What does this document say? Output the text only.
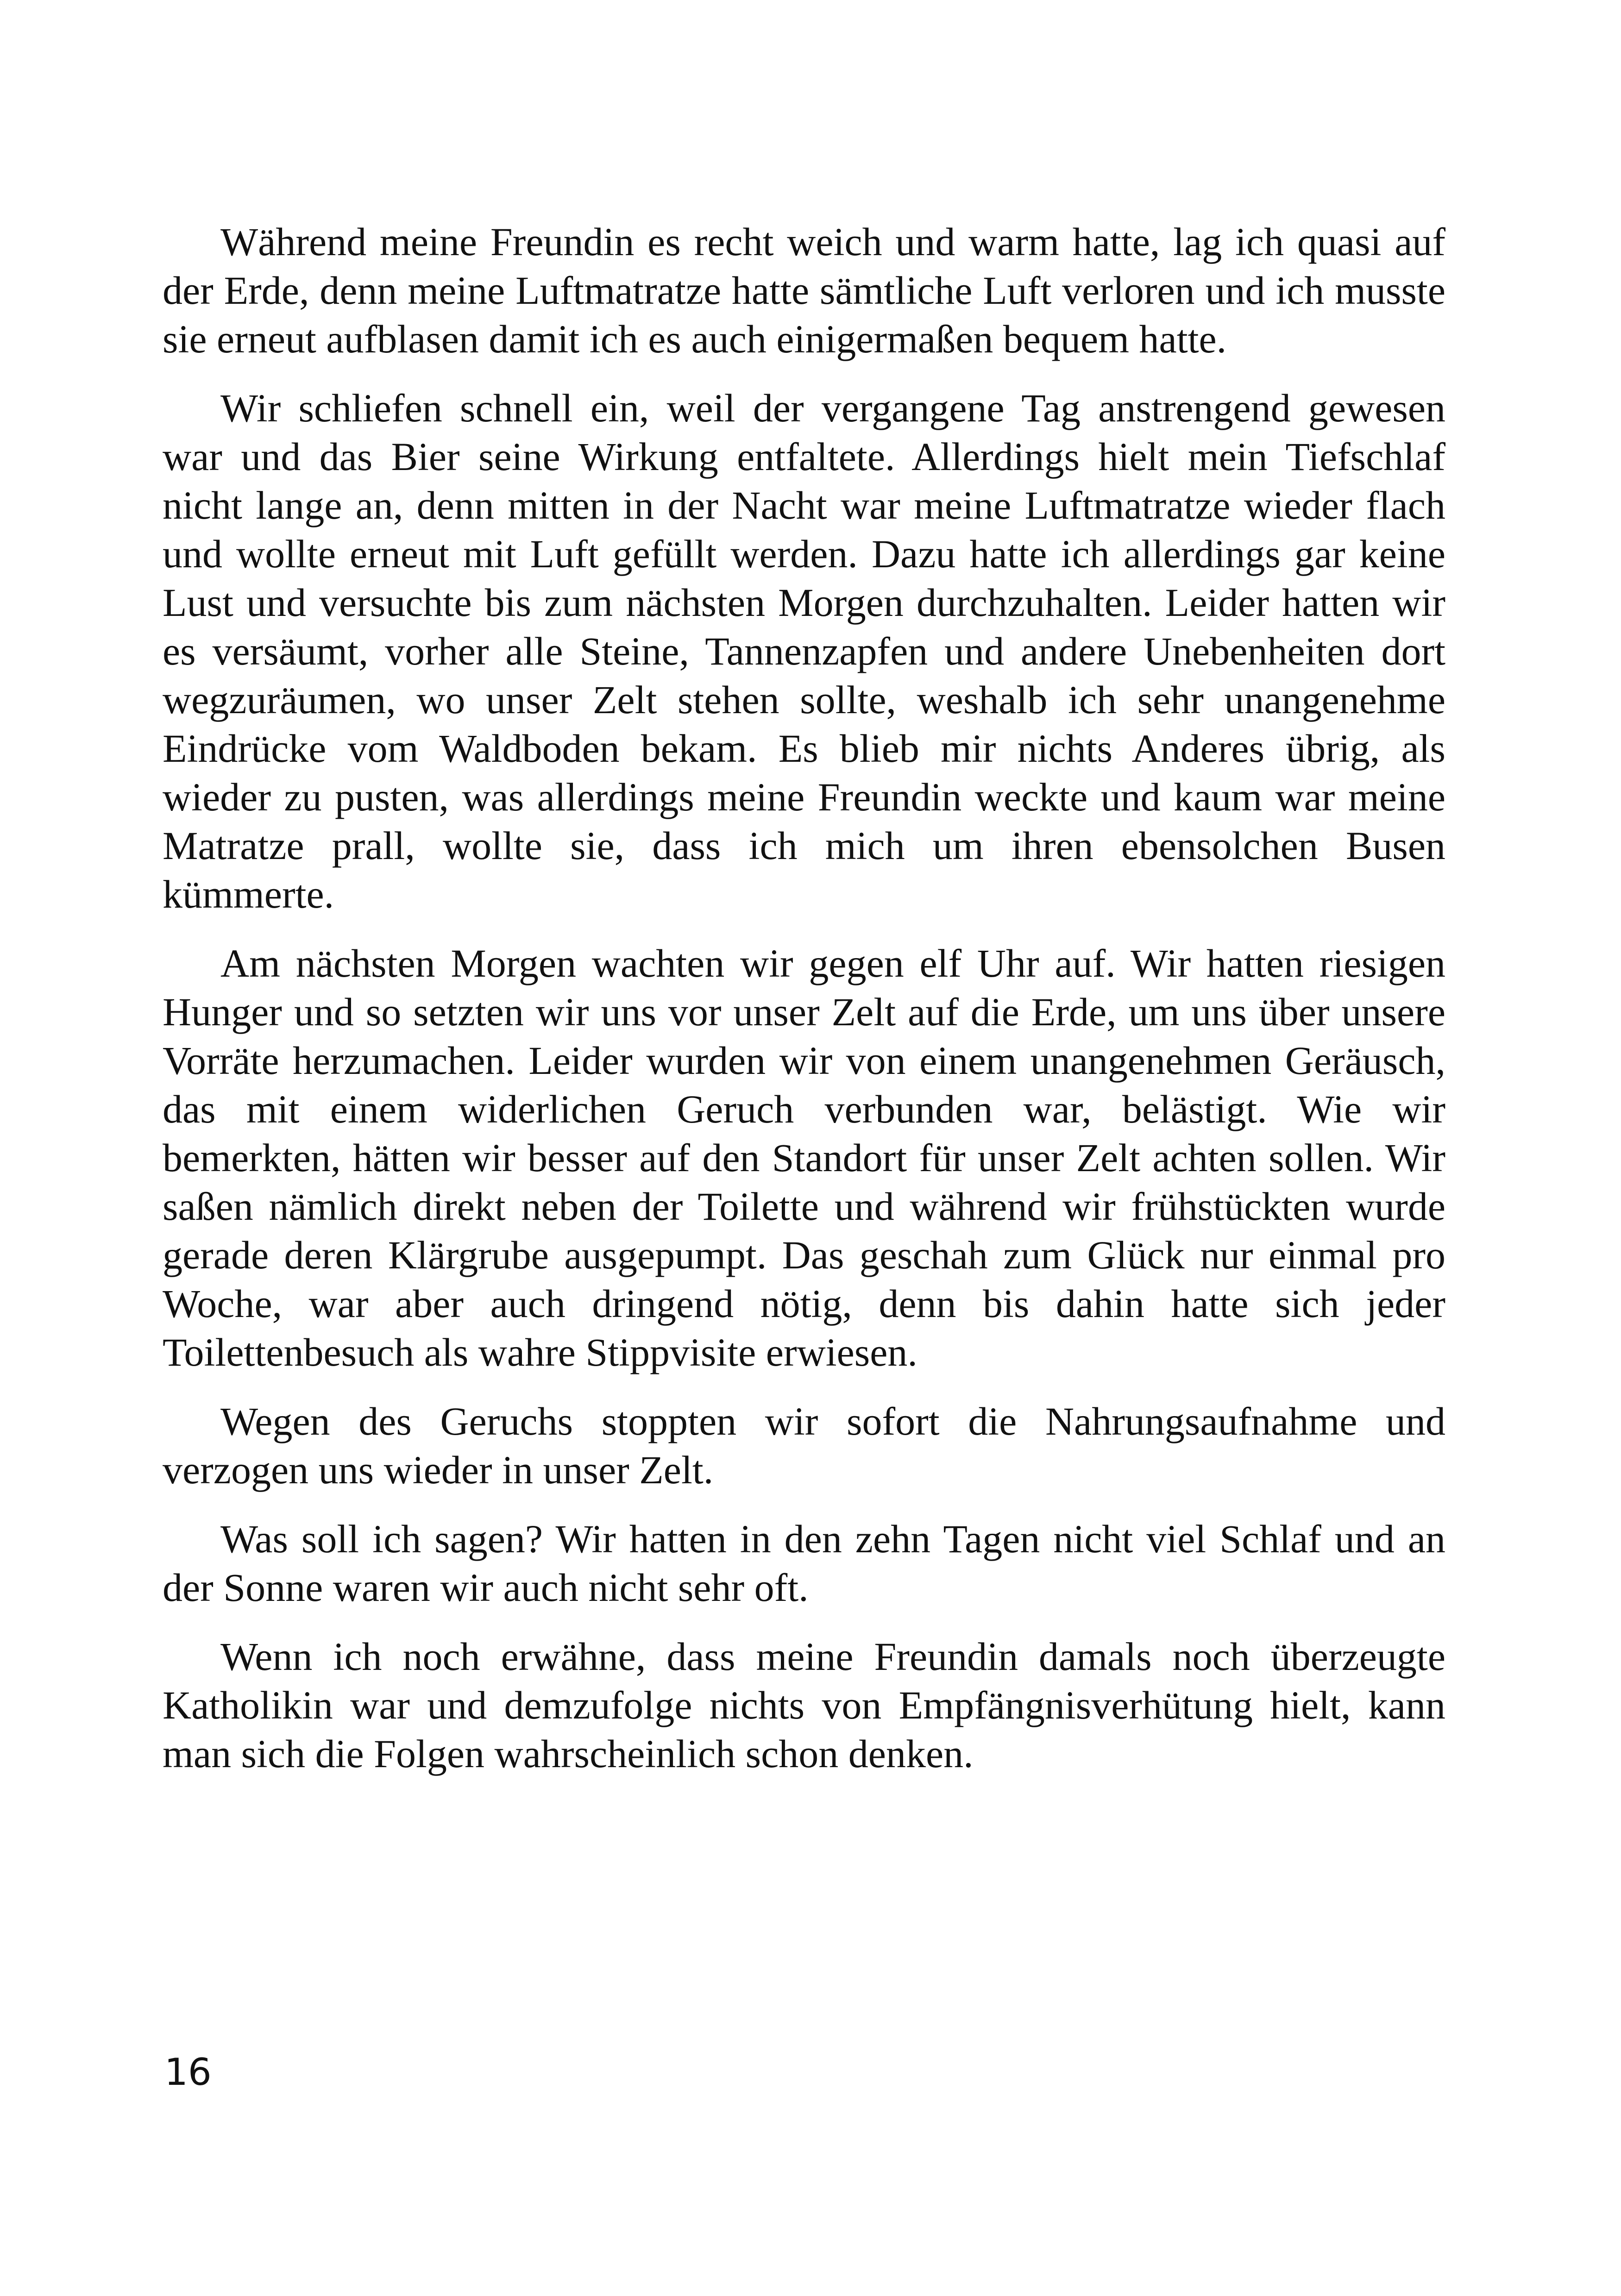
Während meine Freundin es recht weich und warm hatte, lag ich quasi auf der Erde, denn meine Luftmatratze hatte sämtliche Luft verloren und ich musste sie erneut aufblasen damit ich es auch einigermaßen bequem hatte.

Wir schliefen schnell ein, weil der vergangene Tag anstrengend gewesen war und das Bier seine Wirkung entfaltete. Allerdings hielt mein Tiefschlaf nicht lange an, denn mitten in der Nacht war meine Luftmatratze wieder flach und wollte erneut mit Luft gefüllt werden. Dazu hatte ich allerdings gar keine Lust und versuchte bis zum nächsten Morgen durchzuhalten. Leider hatten wir es versäumt, vorher alle Steine, Tannenzapfen und andere Unebenheiten dort wegzuräumen, wo unser Zelt stehen sollte, weshalb ich sehr unangenehme Eindrücke vom Waldboden bekam. Es blieb mir nichts Anderes übrig, als wieder zu pusten, was allerdings meine Freundin weckte und kaum war meine Matratze prall, wollte sie, dass ich mich um ihren ebensolchen Busen kümmerte.

Am nächsten Morgen wachten wir gegen elf Uhr auf. Wir hatten riesigen Hunger und so setzten wir uns vor unser Zelt auf die Erde, um uns über unsere Vorräte herzumachen. Leider wurden wir von einem unangenehmen Geräusch, das mit einem widerlichen Geruch verbunden war, belästigt. Wie wir bemerkten, hätten wir besser auf den Standort für unser Zelt achten sollen. Wir saßen nämlich direkt neben der Toilette und während wir frühstückten wurde gerade deren Klärgrube ausgepumpt. Das geschah zum Glück nur einmal pro Woche, war aber auch dringend nötig, denn bis dahin hatte sich jeder Toilettenbesuch als wahre Stippvisite erwiesen.

Wegen des Geruchs stoppten wir sofort die Nahrungsaufnahme und verzogen uns wieder in unser Zelt.

Was soll ich sagen? Wir hatten in den zehn Tagen nicht viel Schlaf und an der Sonne waren wir auch nicht sehr oft.

Wenn ich noch erwähne, dass meine Freundin damals noch überzeugte Katholikin war und demzufolge nichts von Empfängnisverhütung hielt, kann man sich die Folgen wahrscheinlich schon denken.

16
